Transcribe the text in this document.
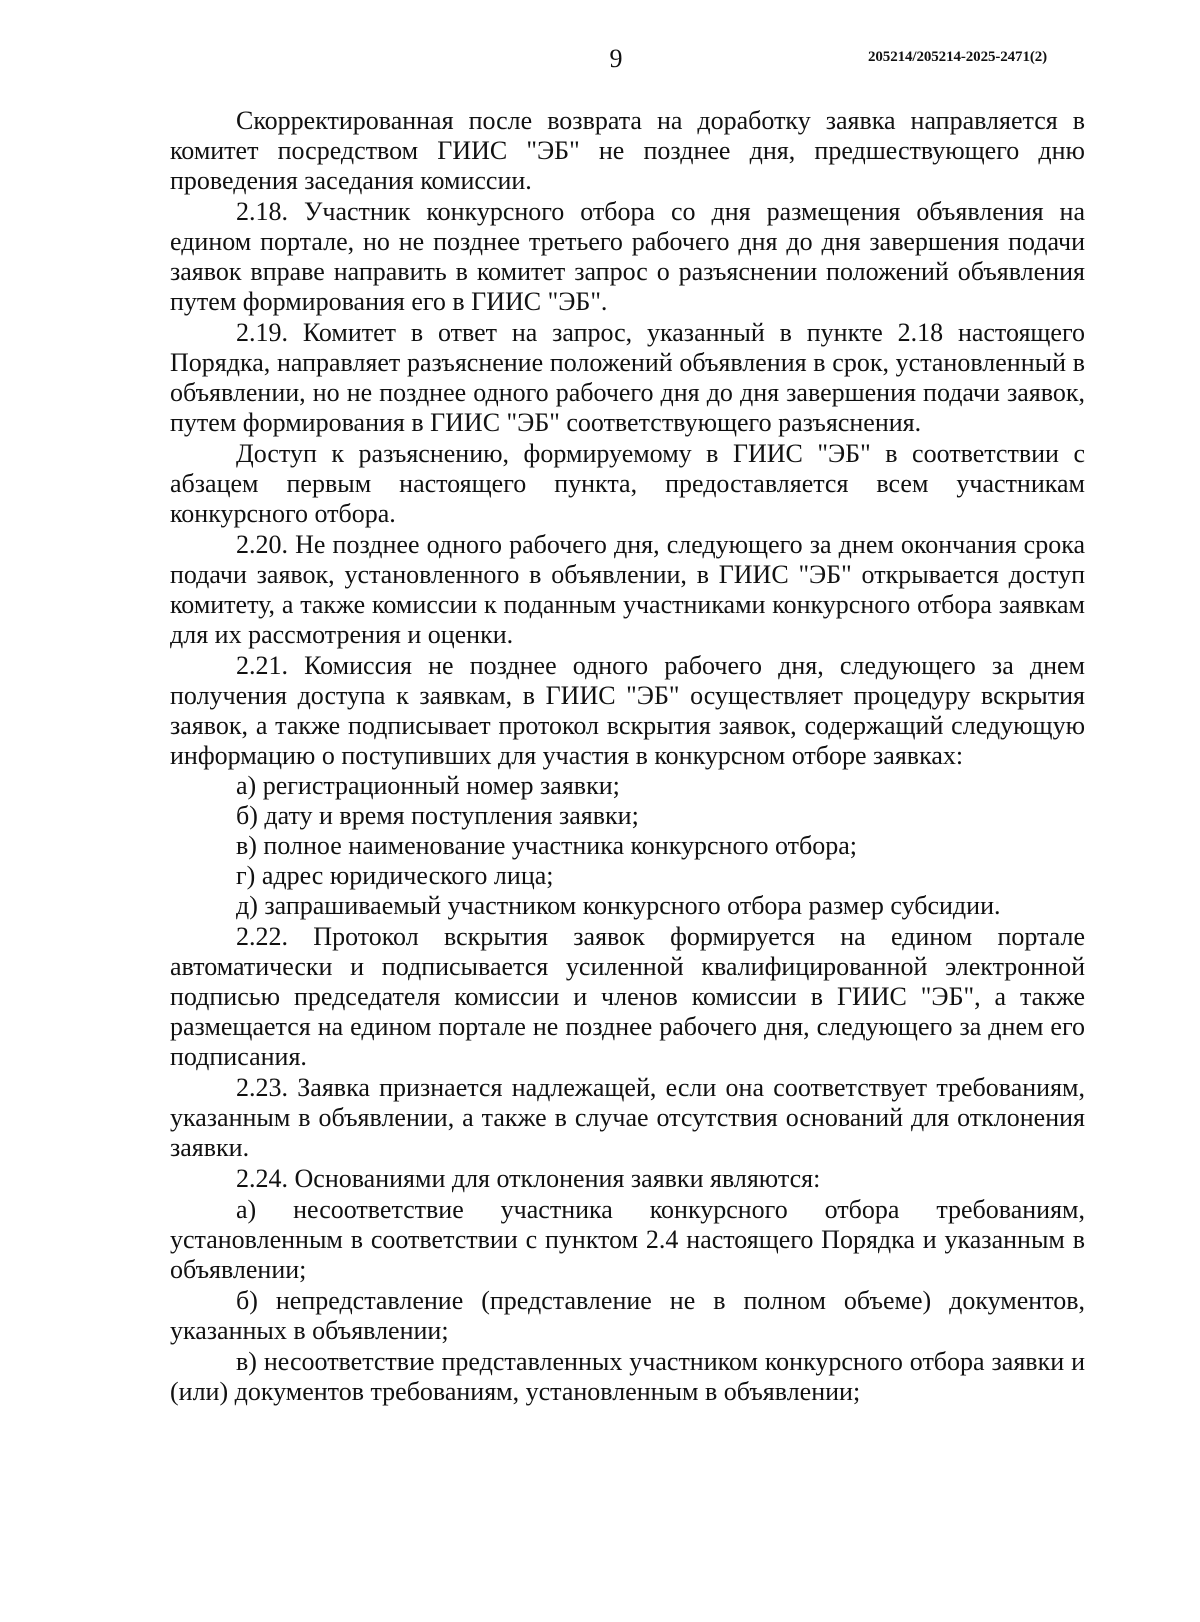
9	205214/205214-2025-2471(2)

Скорректированная после возврата на доработку заявка направляется в комитет посредством ГИИС "ЭБ" не позднее дня, предшествующего дню проведения заседания комиссии.

2.18. Участник конкурсного отбора со дня размещения объявления на едином портале, но не позднее третьего рабочего дня до дня завершения подачи заявок вправе направить в комитет запрос о разъяснении положений объявления путем формирования его в ГИИС "ЭБ".

2.19. Комитет в ответ на запрос, указанный в пункте 2.18 настоящего Порядка, направляет разъяснение положений объявления в срок, установленный в объявлении, но не позднее одного рабочего дня до дня завершения подачи заявок, путем формирования в ГИИС "ЭБ" соответствующего разъяснения.

Доступ к разъяснению, формируемому в ГИИС "ЭБ" в соответствии с абзацем первым настоящего пункта, предоставляется всем участникам конкурсного отбора.

2.20. Не позднее одного рабочего дня, следующего за днем окончания срока подачи заявок, установленного в объявлении, в ГИИС "ЭБ" открывается доступ комитету, а также комиссии к поданным участниками конкурсного отбора заявкам для их рассмотрения и оценки.

2.21. Комиссия не позднее одного рабочего дня, следующего за днем получения доступа к заявкам, в ГИИС "ЭБ" осуществляет процедуру вскрытия заявок, а также подписывает протокол вскрытия заявок, содержащий следующую информацию о поступивших для участия в конкурсном отборе заявках:

а) регистрационный номер заявки;

б) дату и время поступления заявки;

в) полное наименование участника конкурсного отбора;

г) адрес юридического лица;

д) запрашиваемый участником конкурсного отбора размер субсидии.

2.22. Протокол вскрытия заявок формируется на едином портале автоматически и подписывается усиленной квалифицированной электронной подписью председателя комиссии и членов комиссии в ГИИС "ЭБ", а также размещается на едином портале не позднее рабочего дня, следующего за днем его подписания.

2.23. Заявка признается надлежащей, если она соответствует требованиям, указанным в объявлении, а также в случае отсутствия оснований для отклонения заявки.

2.24. Основаниями для отклонения заявки являются:

а) несоответствие участника конкурсного отбора требованиям, установленным в соответствии с пунктом 2.4 настоящего Порядка и указанным в объявлении;

б) непредставление (представление не в полном объеме) документов, указанных в объявлении;

в) несоответствие представленных участником конкурсного отбора заявки и (или) документов требованиям, установленным в объявлении;
